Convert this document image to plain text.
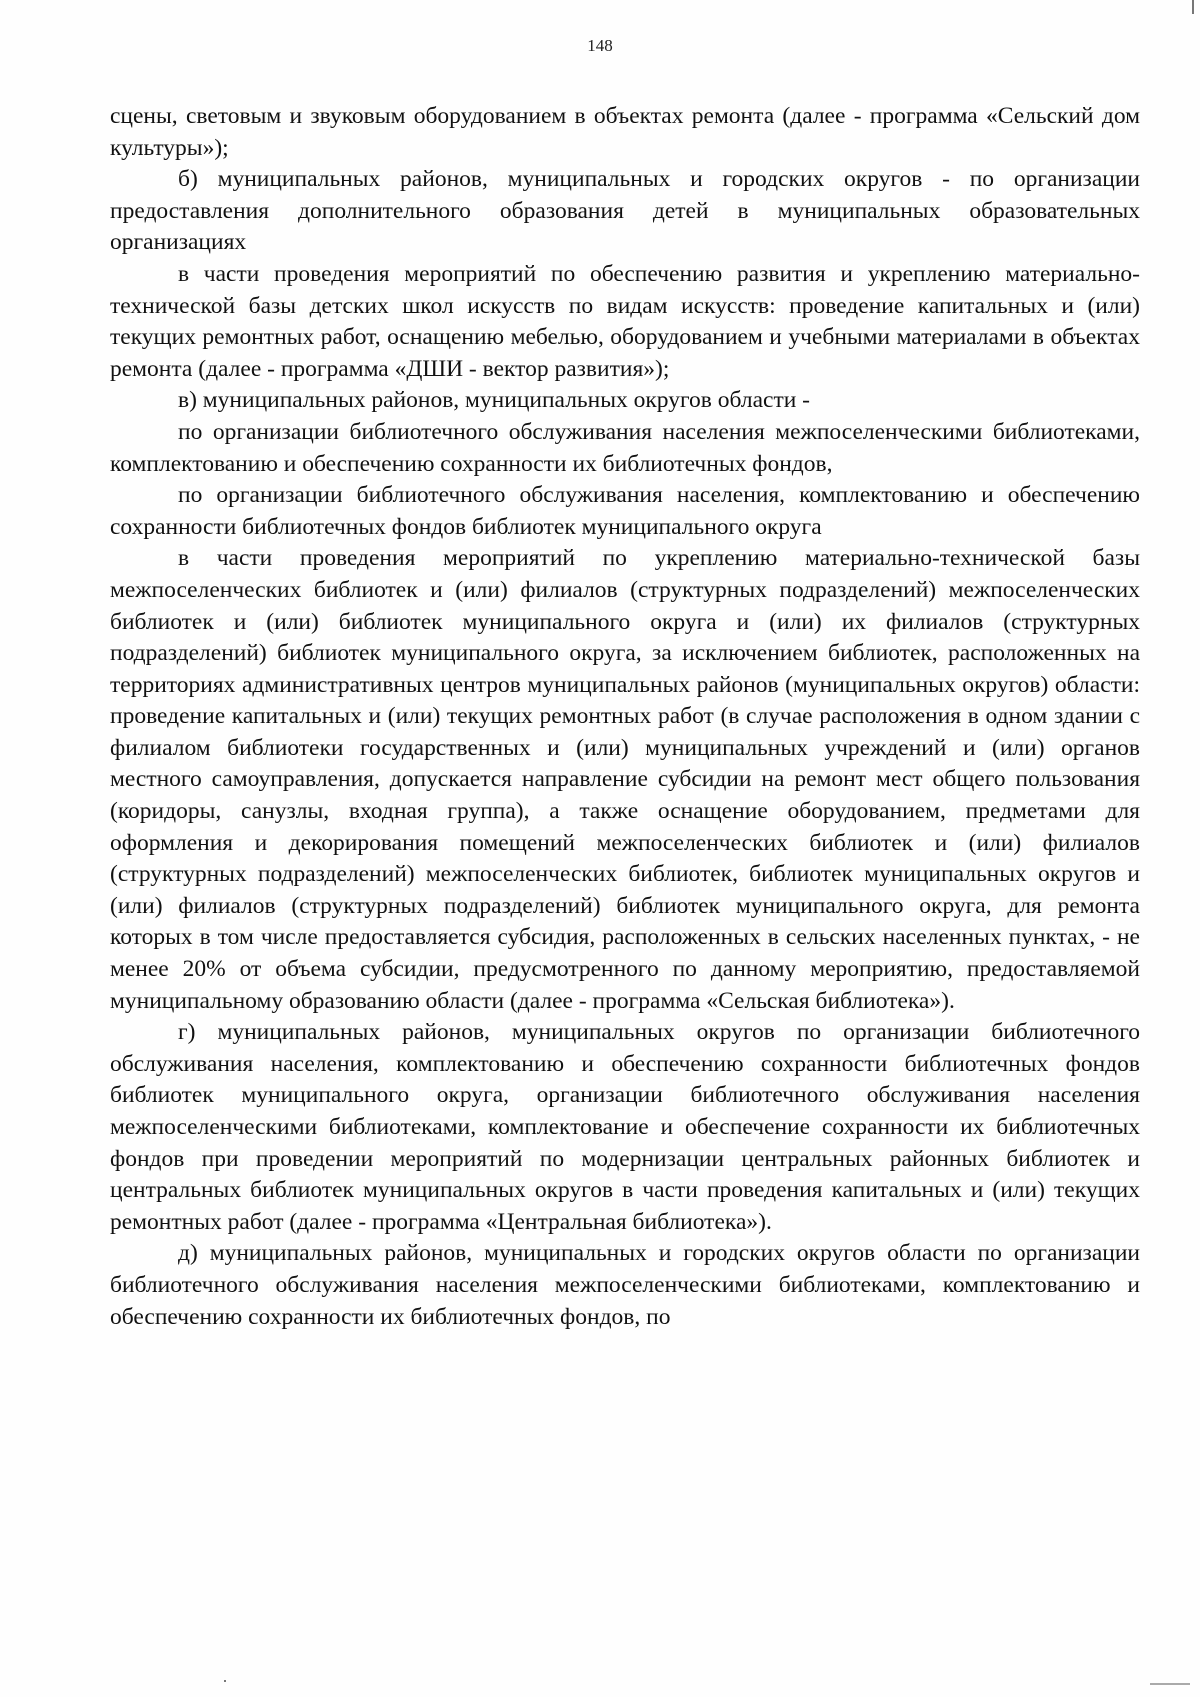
148

сцены, световым и звуковым оборудованием в объектах ремонта (далее - программа «Сельский дом культуры»);

б) муниципальных районов, муниципальных и городских округов - по организации предоставления дополнительного образования детей в муниципальных образовательных организациях

в части проведения мероприятий по обеспечению развития и укреплению материально-технической базы детских школ искусств по видам искусств: проведение капитальных и (или) текущих ремонтных работ, оснащению мебелью, оборудованием и учебными материалами в объектах ремонта (далее - программа «ДШИ - вектор развития»);

в) муниципальных районов, муниципальных округов области -

по организации библиотечного обслуживания населения межпоселенческими библиотеками, комплектованию и обеспечению сохранности их библиотечных фондов,

по организации библиотечного обслуживания населения, комплектованию и обеспечению сохранности библиотечных фондов библиотек муниципального округа

в части проведения мероприятий по укреплению материально-технической базы межпоселенческих библиотек и (или) филиалов (структурных подразделений) межпоселенческих библиотек и (или) библиотек муниципального округа и (или) их филиалов (структурных подразделений) библиотек муниципального округа, за исключением библиотек, расположенных на территориях административных центров муниципальных районов (муниципальных округов) области: проведение капитальных и (или) текущих ремонтных работ (в случае расположения в одном здании с филиалом библиотеки государственных и (или) муниципальных учреждений и (или) органов местного самоуправления, допускается направление субсидии на ремонт мест общего пользования (коридоры, санузлы, входная группа), а также оснащение оборудованием, предметами для оформления и декорирования помещений межпоселенческих библиотек и (или) филиалов (структурных подразделений) межпоселенческих библиотек, библиотек муниципальных округов и (или) филиалов (структурных подразделений) библиотек муниципального округа, для ремонта которых в том числе предоставляется субсидия, расположенных в сельских населенных пунктах, - не менее 20% от объема субсидии, предусмотренного по данному мероприятию, предоставляемой муниципальному образованию области (далее - программа «Сельская библиотека»).

г) муниципальных районов, муниципальных округов по организации библиотечного обслуживания населения, комплектованию и обеспечению сохранности библиотечных фондов библиотек муниципального округа, организации библиотечного обслуживания населения межпоселенческими библиотеками, комплектование и обеспечение сохранности их библиотечных фондов при проведении мероприятий по модернизации центральных районных библиотек и центральных библиотек муниципальных округов в части проведения капитальных и (или) текущих ремонтных работ (далее - программа «Центральная библиотека»).

д) муниципальных районов, муниципальных и городских округов области по организации библиотечного обслуживания населения межпоселенческими библиотеками, комплектованию и обеспечению сохранности их библиотечных фондов, по
